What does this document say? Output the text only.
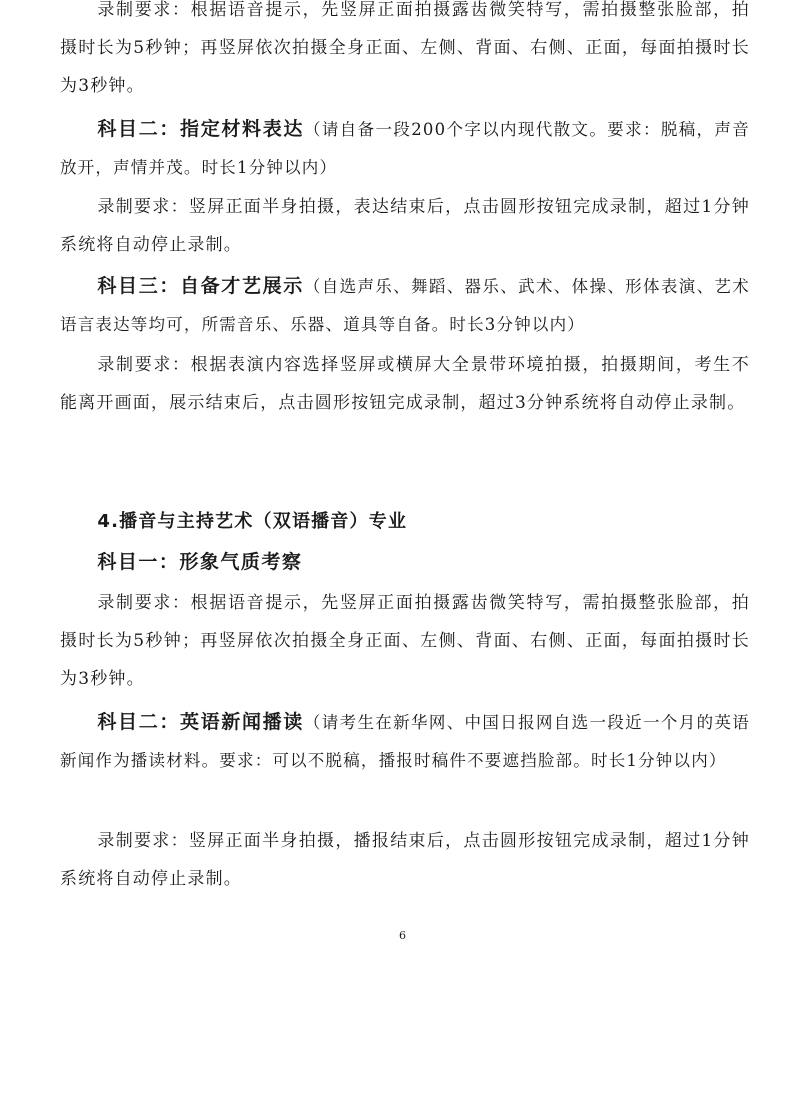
录制要求：根据语音提示，先竖屏正面拍摄露齿微笑特写，需拍摄整张脸部，拍摄时长为5秒钟；再竖屏依次拍摄全身正面、左侧、背面、右侧、正面，每面拍摄时长为3秒钟。

科目二：指定材料表达（请自备一段200个字以内现代散文。要求：脱稿，声音放开，声情并茂。时长1分钟以内）

录制要求：竖屏正面半身拍摄，表达结束后，点击圆形按钮完成录制，超过1分钟系统将自动停止录制。

科目三：自备才艺展示（自选声乐、舞蹈、器乐、武术、体操、形体表演、艺术语言表达等均可，所需音乐、乐器、道具等自备。时长3分钟以内）

录制要求：根据表演内容选择竖屏或横屏大全景带环境拍摄，拍摄期间，考生不能离开画面，展示结束后，点击圆形按钮完成录制，超过3分钟系统将自动停止录制。

4.播音与主持艺术（双语播音）专业

科目一：形象气质考察

录制要求：根据语音提示，先竖屏正面拍摄露齿微笑特写，需拍摄整张脸部，拍摄时长为5秒钟；再竖屏依次拍摄全身正面、左侧、背面、右侧、正面，每面拍摄时长为3秒钟。

科目二：英语新闻播读（请考生在新华网、中国日报网自选一段近一个月的英语新闻作为播读材料。要求：可以不脱稿，播报时稿件不要遮挡脸部。时长1分钟以内）

录制要求：竖屏正面半身拍摄，播报结束后，点击圆形按钮完成录制，超过1分钟系统将自动停止录制。

6
